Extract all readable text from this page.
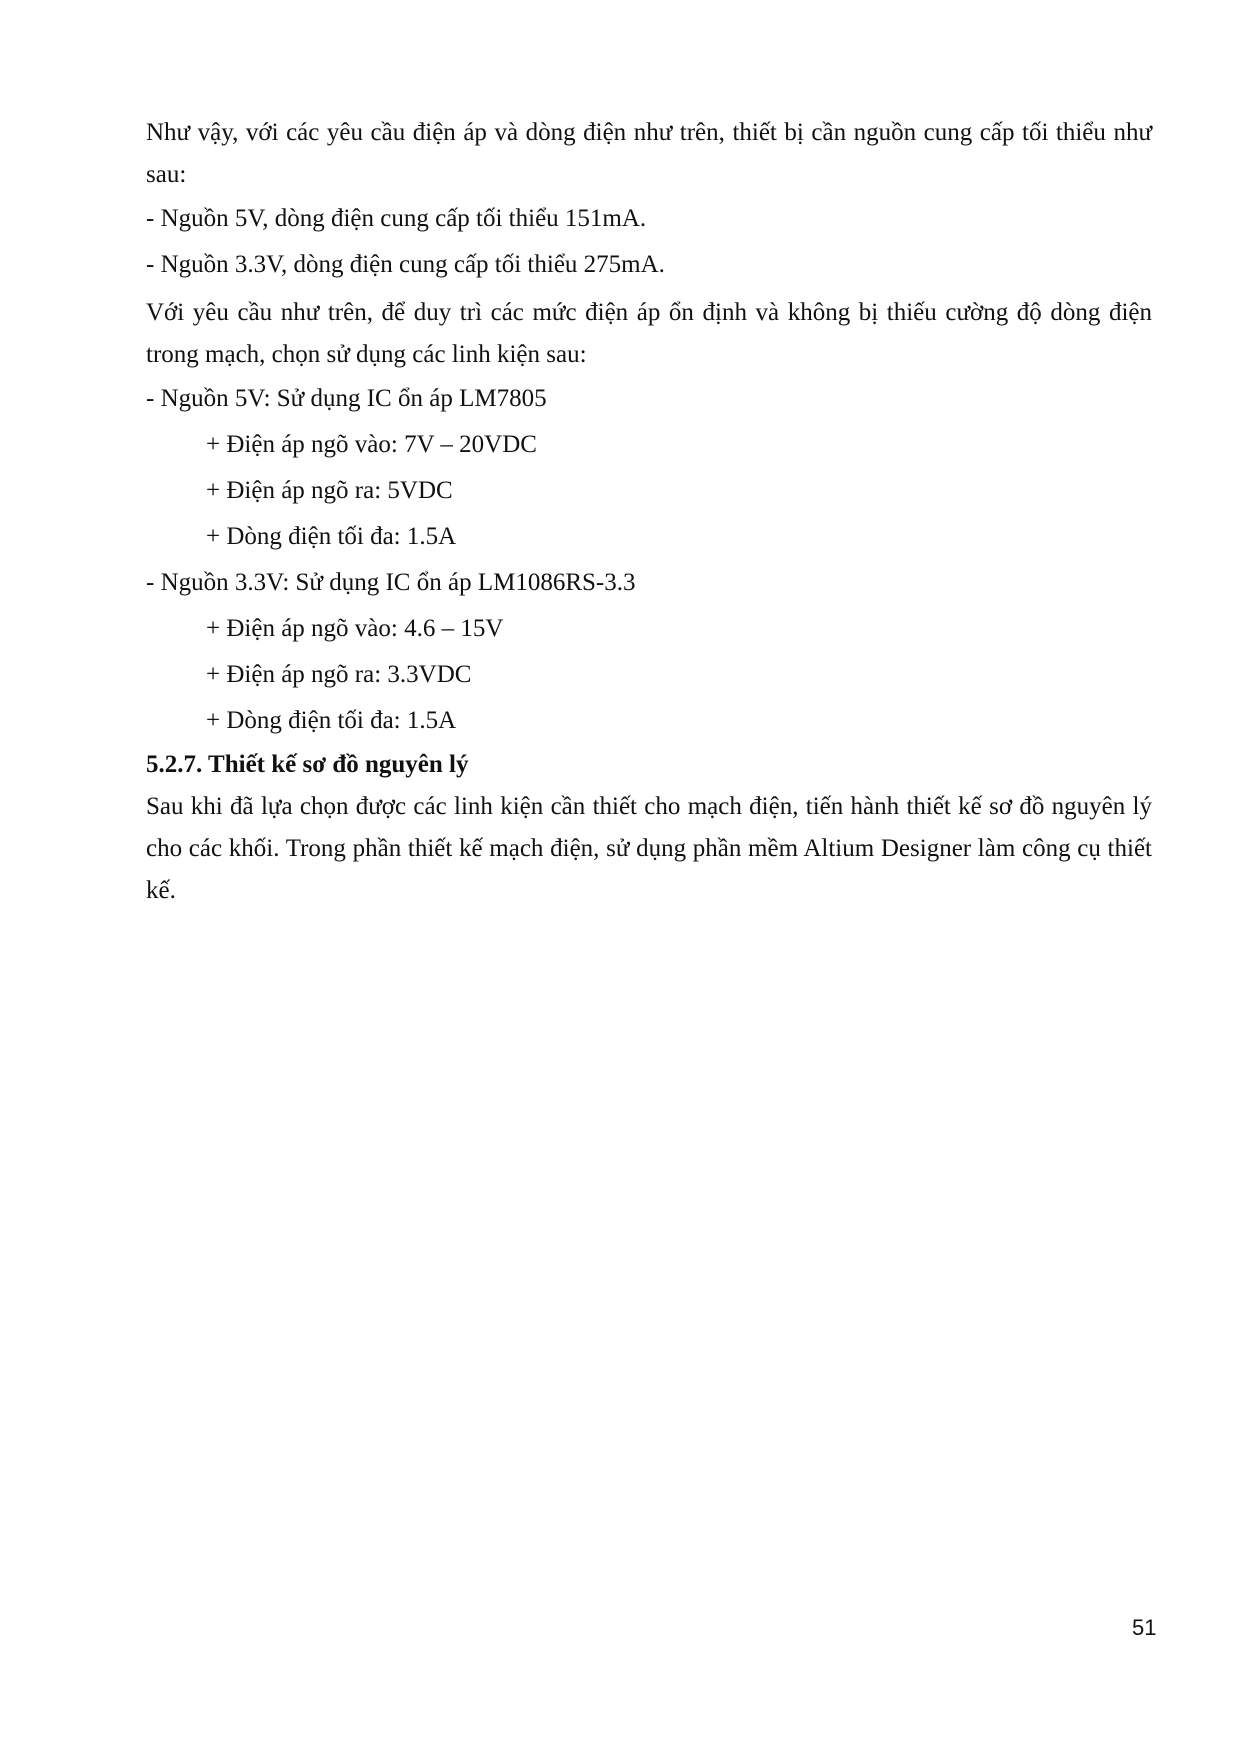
Như vậy, với các yêu cầu điện áp và dòng điện như trên, thiết bị cần nguồn cung cấp tối thiểu như sau:

- Nguồn 5V, dòng điện cung cấp tối thiểu 151mA.

- Nguồn 3.3V, dòng điện cung cấp tối thiểu 275mA.

Với yêu cầu như trên, để duy trì các mức điện áp ổn định và không bị thiếu cường độ dòng điện trong mạch, chọn sử dụng các linh kiện sau:

- Nguồn 5V: Sử dụng IC ổn áp LM7805

+ Điện áp ngõ vào: 7V – 20VDC

+ Điện áp ngõ ra: 5VDC

+ Dòng điện tối đa: 1.5A

- Nguồn 3.3V: Sử dụng IC ổn áp LM1086RS-3.3

+ Điện áp ngõ vào: 4.6 – 15V

+ Điện áp ngõ ra: 3.3VDC

+ Dòng điện tối đa: 1.5A

5.2.7. Thiết kế sơ đồ nguyên lý

Sau khi đã lựa chọn được các linh kiện cần thiết cho mạch điện, tiến hành thiết kế sơ đồ nguyên lý cho các khối. Trong phần thiết kế mạch điện, sử dụng phần mềm Altium Designer làm công cụ thiết kế.

51
